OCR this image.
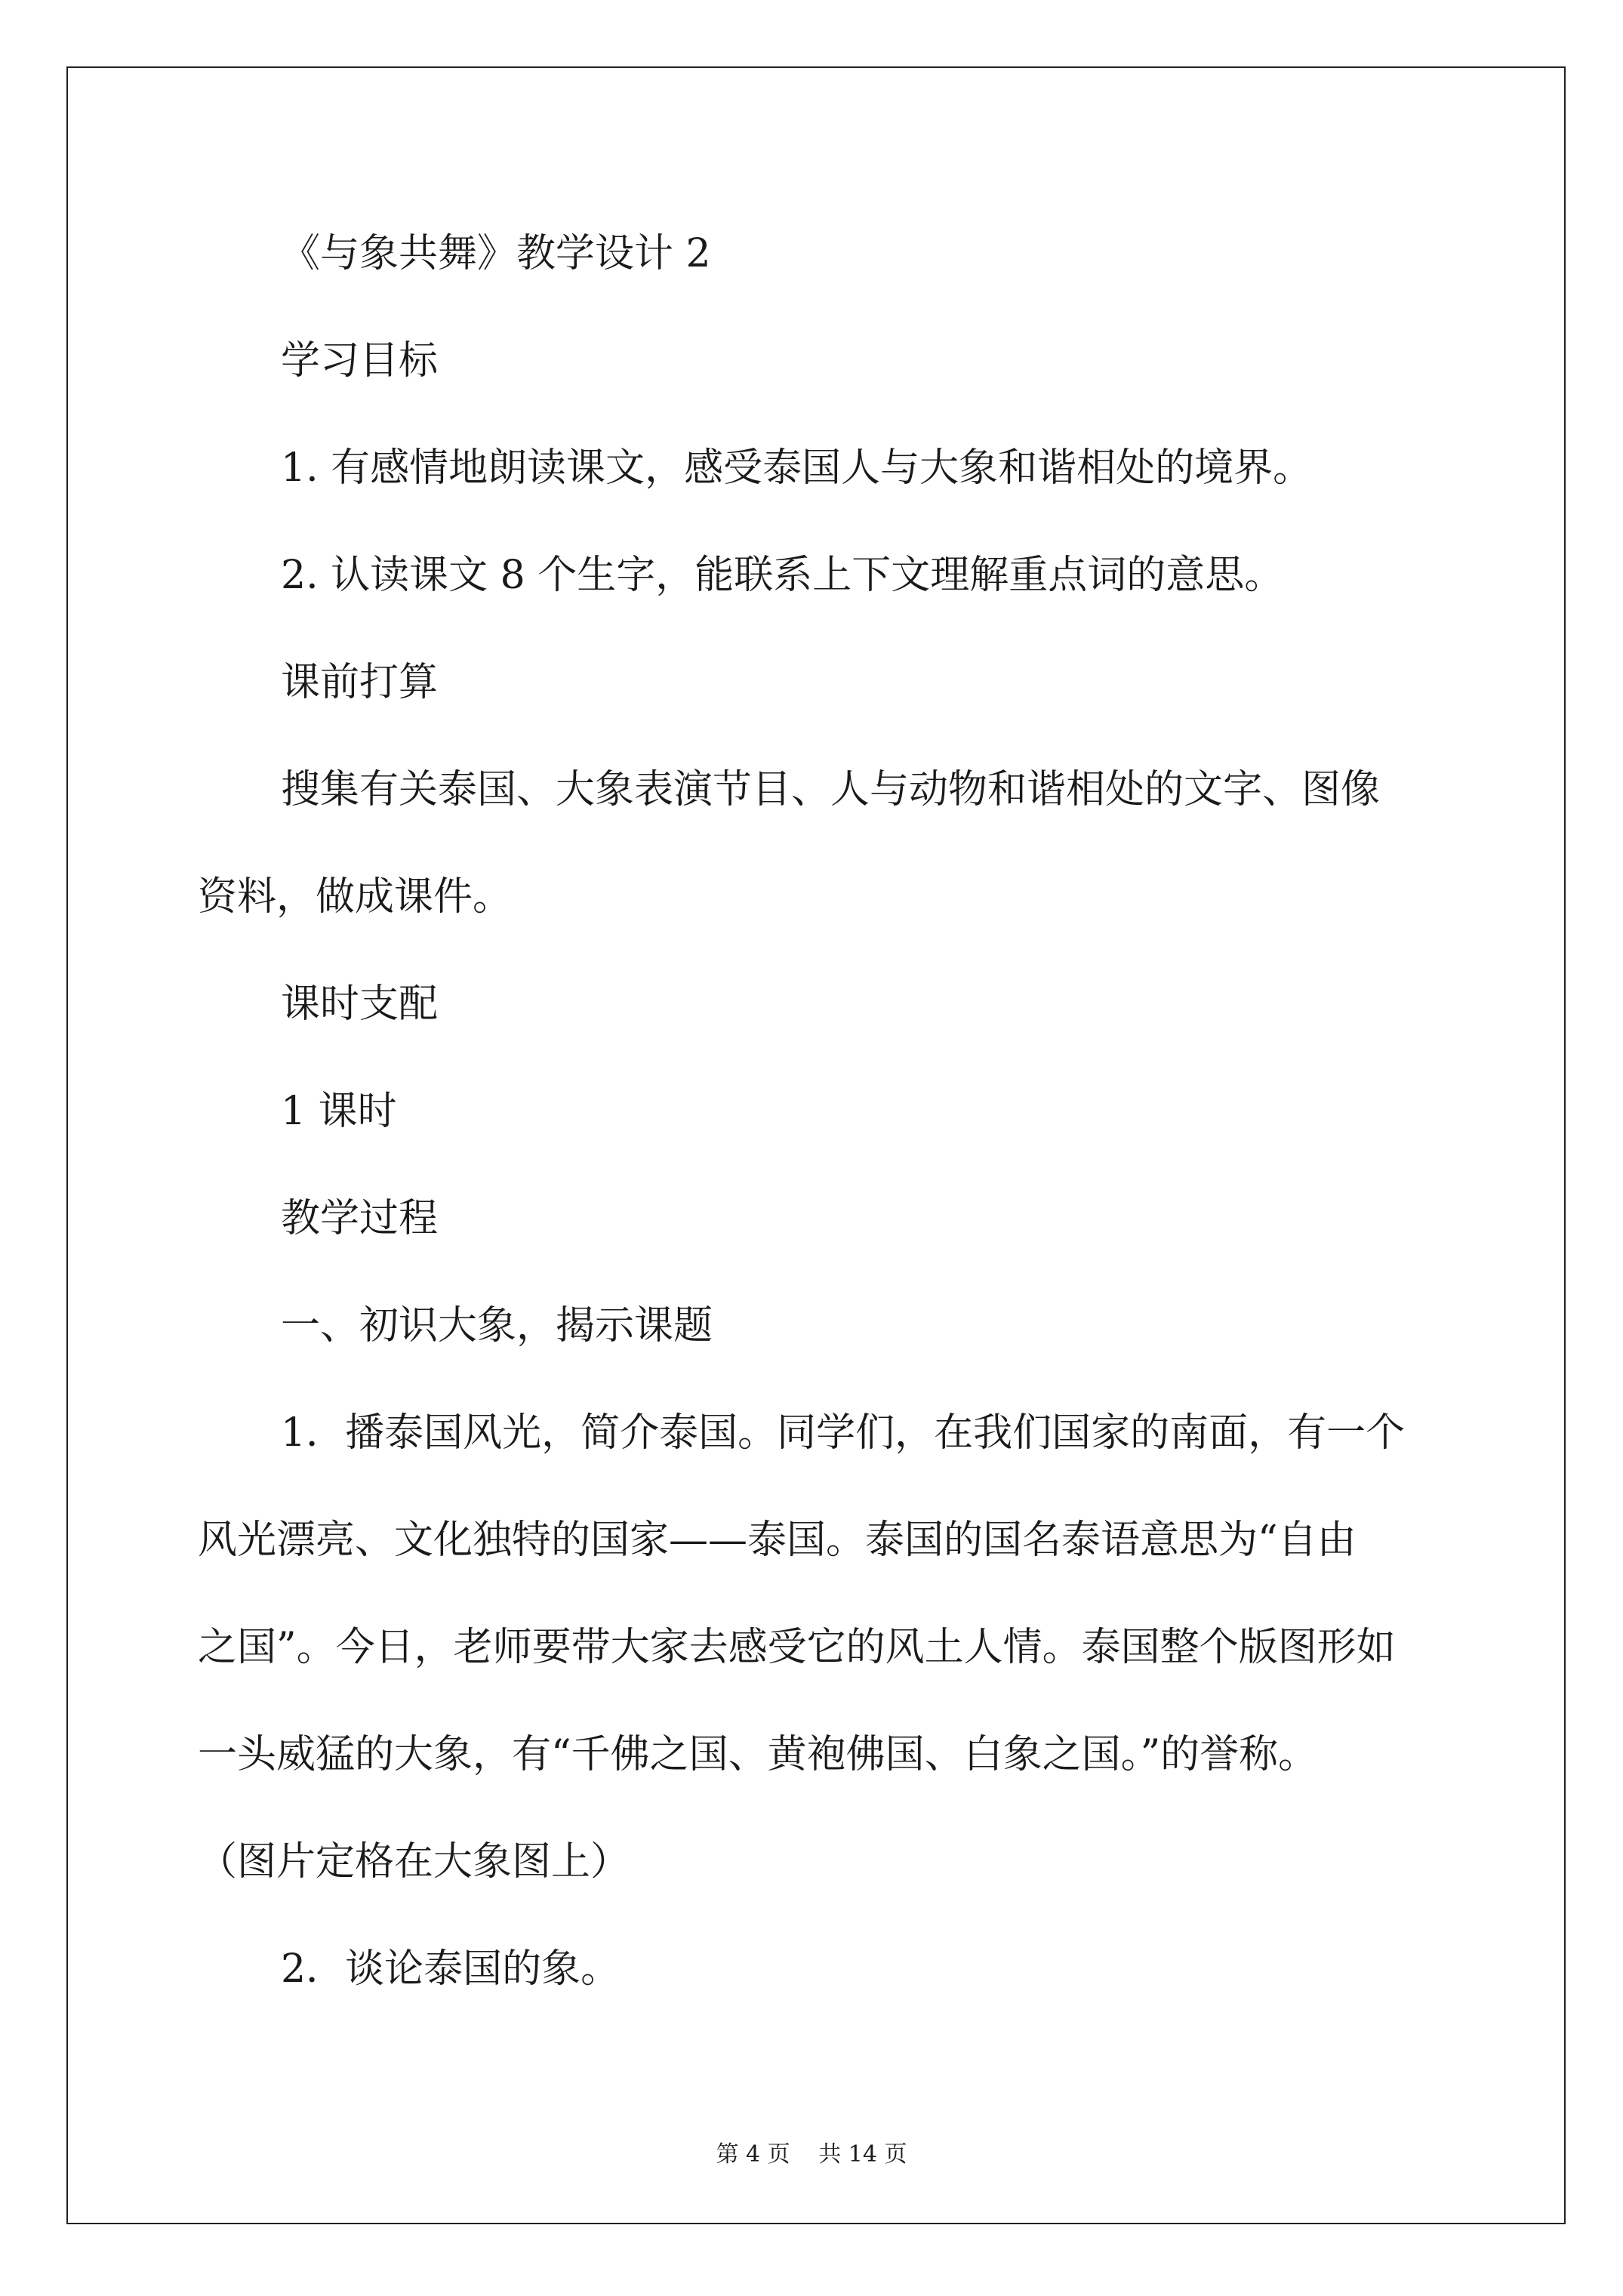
《与象共舞》教学设计 2
学习目标
1. 有感情地朗读课文，感受泰国人与大象和谐相处的境界。
2. 认读课文 8 个生字，能联系上下文理解重点词的意思。
课前打算
搜集有关泰国、大象表演节目、人与动物和谐相处的文字、图像
资料，做成课件。
课时支配
1 课时
教学过程
一、初识大象，揭示课题
1．播泰国风光，简介泰国。同学们，在我们国家的南面，有一个
风光漂亮、文化独特的国家——泰国。泰国的国名泰语意思为“自由
之国”。今日，老师要带大家去感受它的风土人情。泰国整个版图形如
一头威猛的大象，有“千佛之国、黄袍佛国、白象之国。”的誉称。
（图片定格在大象图上）
2．谈论泰国的象。
第 4 页 共 14 页
